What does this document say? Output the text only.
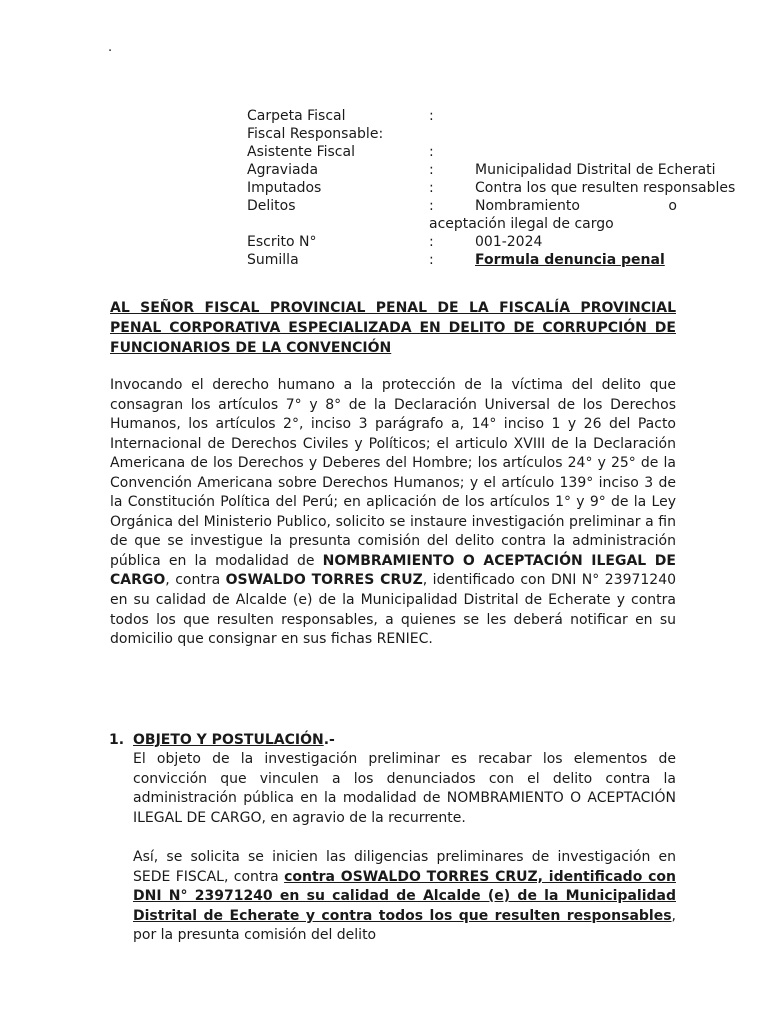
.
Carpeta Fiscal	:
Fiscal Responsable:
Asistente Fiscal	:
Agraviada	:	Municipalidad Distrital de Echerati
Imputados	:	Contra los que resulten responsables
Delitos	:	Nombramiento	o
aceptación ilegal de cargo
Escrito N°	:	001-2024
Sumilla	:	Formula denuncia penal
AL SEÑOR FISCAL PROVINCIAL PENAL DE LA FISCALÍA PROVINCIAL PENAL CORPORATIVA ESPECIALIZADA EN DELITO DE CORRUPCIÓN DE FUNCIONARIOS DE LA CONVENCIÓN
Invocando el derecho humano a la protección de la víctima del delito que consagran los artículos 7° y 8° de la Declaración Universal de los Derechos Humanos, los artículos 2°, inciso 3 parágrafo a, 14° inciso 1 y 26 del Pacto Internacional de Derechos Civiles y Políticos; el articulo XVIII de la Declaración Americana de los Derechos y Deberes del Hombre; los artículos 24° y 25° de la Convención Americana sobre Derechos Humanos; y el artículo 139° inciso 3 de la Constitución Política del Perú; en aplicación de los artículos 1° y 9° de la Ley Orgánica del Ministerio Publico, solicito se instaure investigación preliminar a fin de que se investigue la presunta comisión del delito contra la administración pública en la modalidad de NOMBRAMIENTO O ACEPTACIÓN ILEGAL DE CARGO, contra OSWALDO TORRES CRUZ, identificado con DNI N° 23971240 en su calidad de Alcalde (e) de la Municipalidad Distrital de Echerate y contra todos los que resulten responsables, a quienes se les deberá notificar en su domicilio que consignar en sus fichas RENIEC.
1. OBJETO Y POSTULACIÓN.-
El objeto de la investigación preliminar es recabar los elementos de convicción que vinculen a los denunciados con el delito contra la administración pública en la modalidad de NOMBRAMIENTO O ACEPTACIÓN ILEGAL DE CARGO, en agravio de la recurrente.
Así, se solicita se inicien las diligencias preliminares de investigación en SEDE FISCAL, contra contra OSWALDO TORRES CRUZ, identificado con DNI N° 23971240 en su calidad de Alcalde (e) de la Municipalidad Distrital de Echerate y contra todos los que resulten responsables, por la presunta comisión del delito
